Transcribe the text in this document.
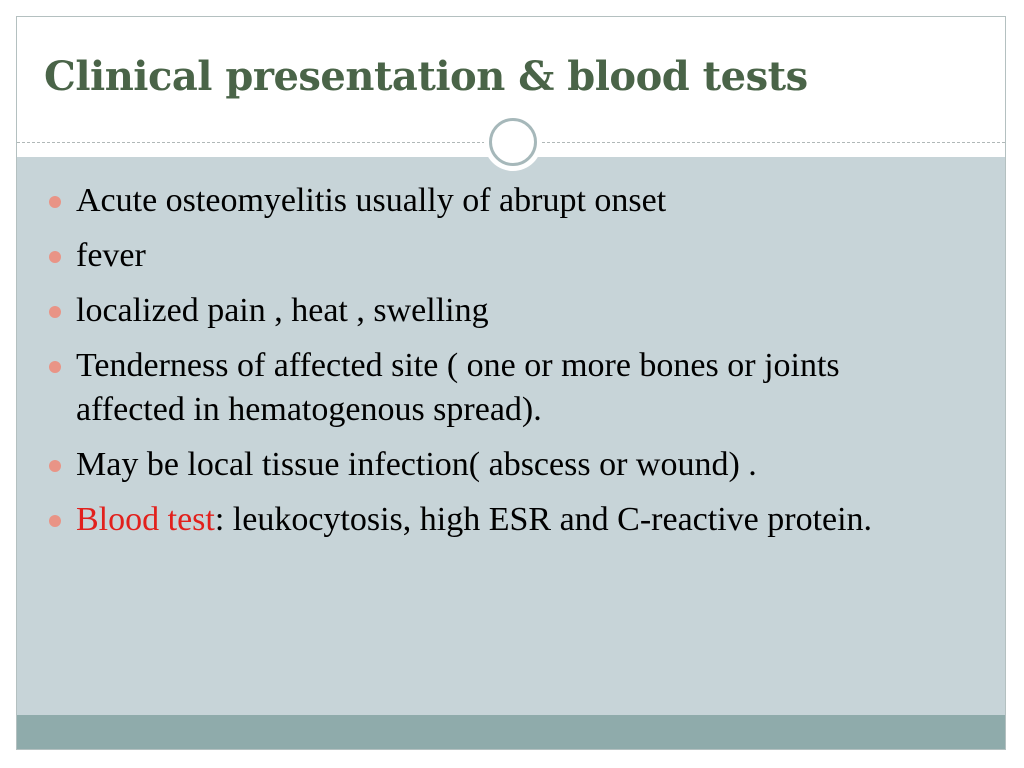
Clinical presentation & blood tests
Acute osteomyelitis usually of abrupt onset
fever
localized pain , heat , swelling
Tenderness of affected site ( one or more bones or joints affected in hematogenous spread).
May be local tissue infection( abscess or wound) .
Blood test: leukocytosis, high ESR and C-reactive protein.
